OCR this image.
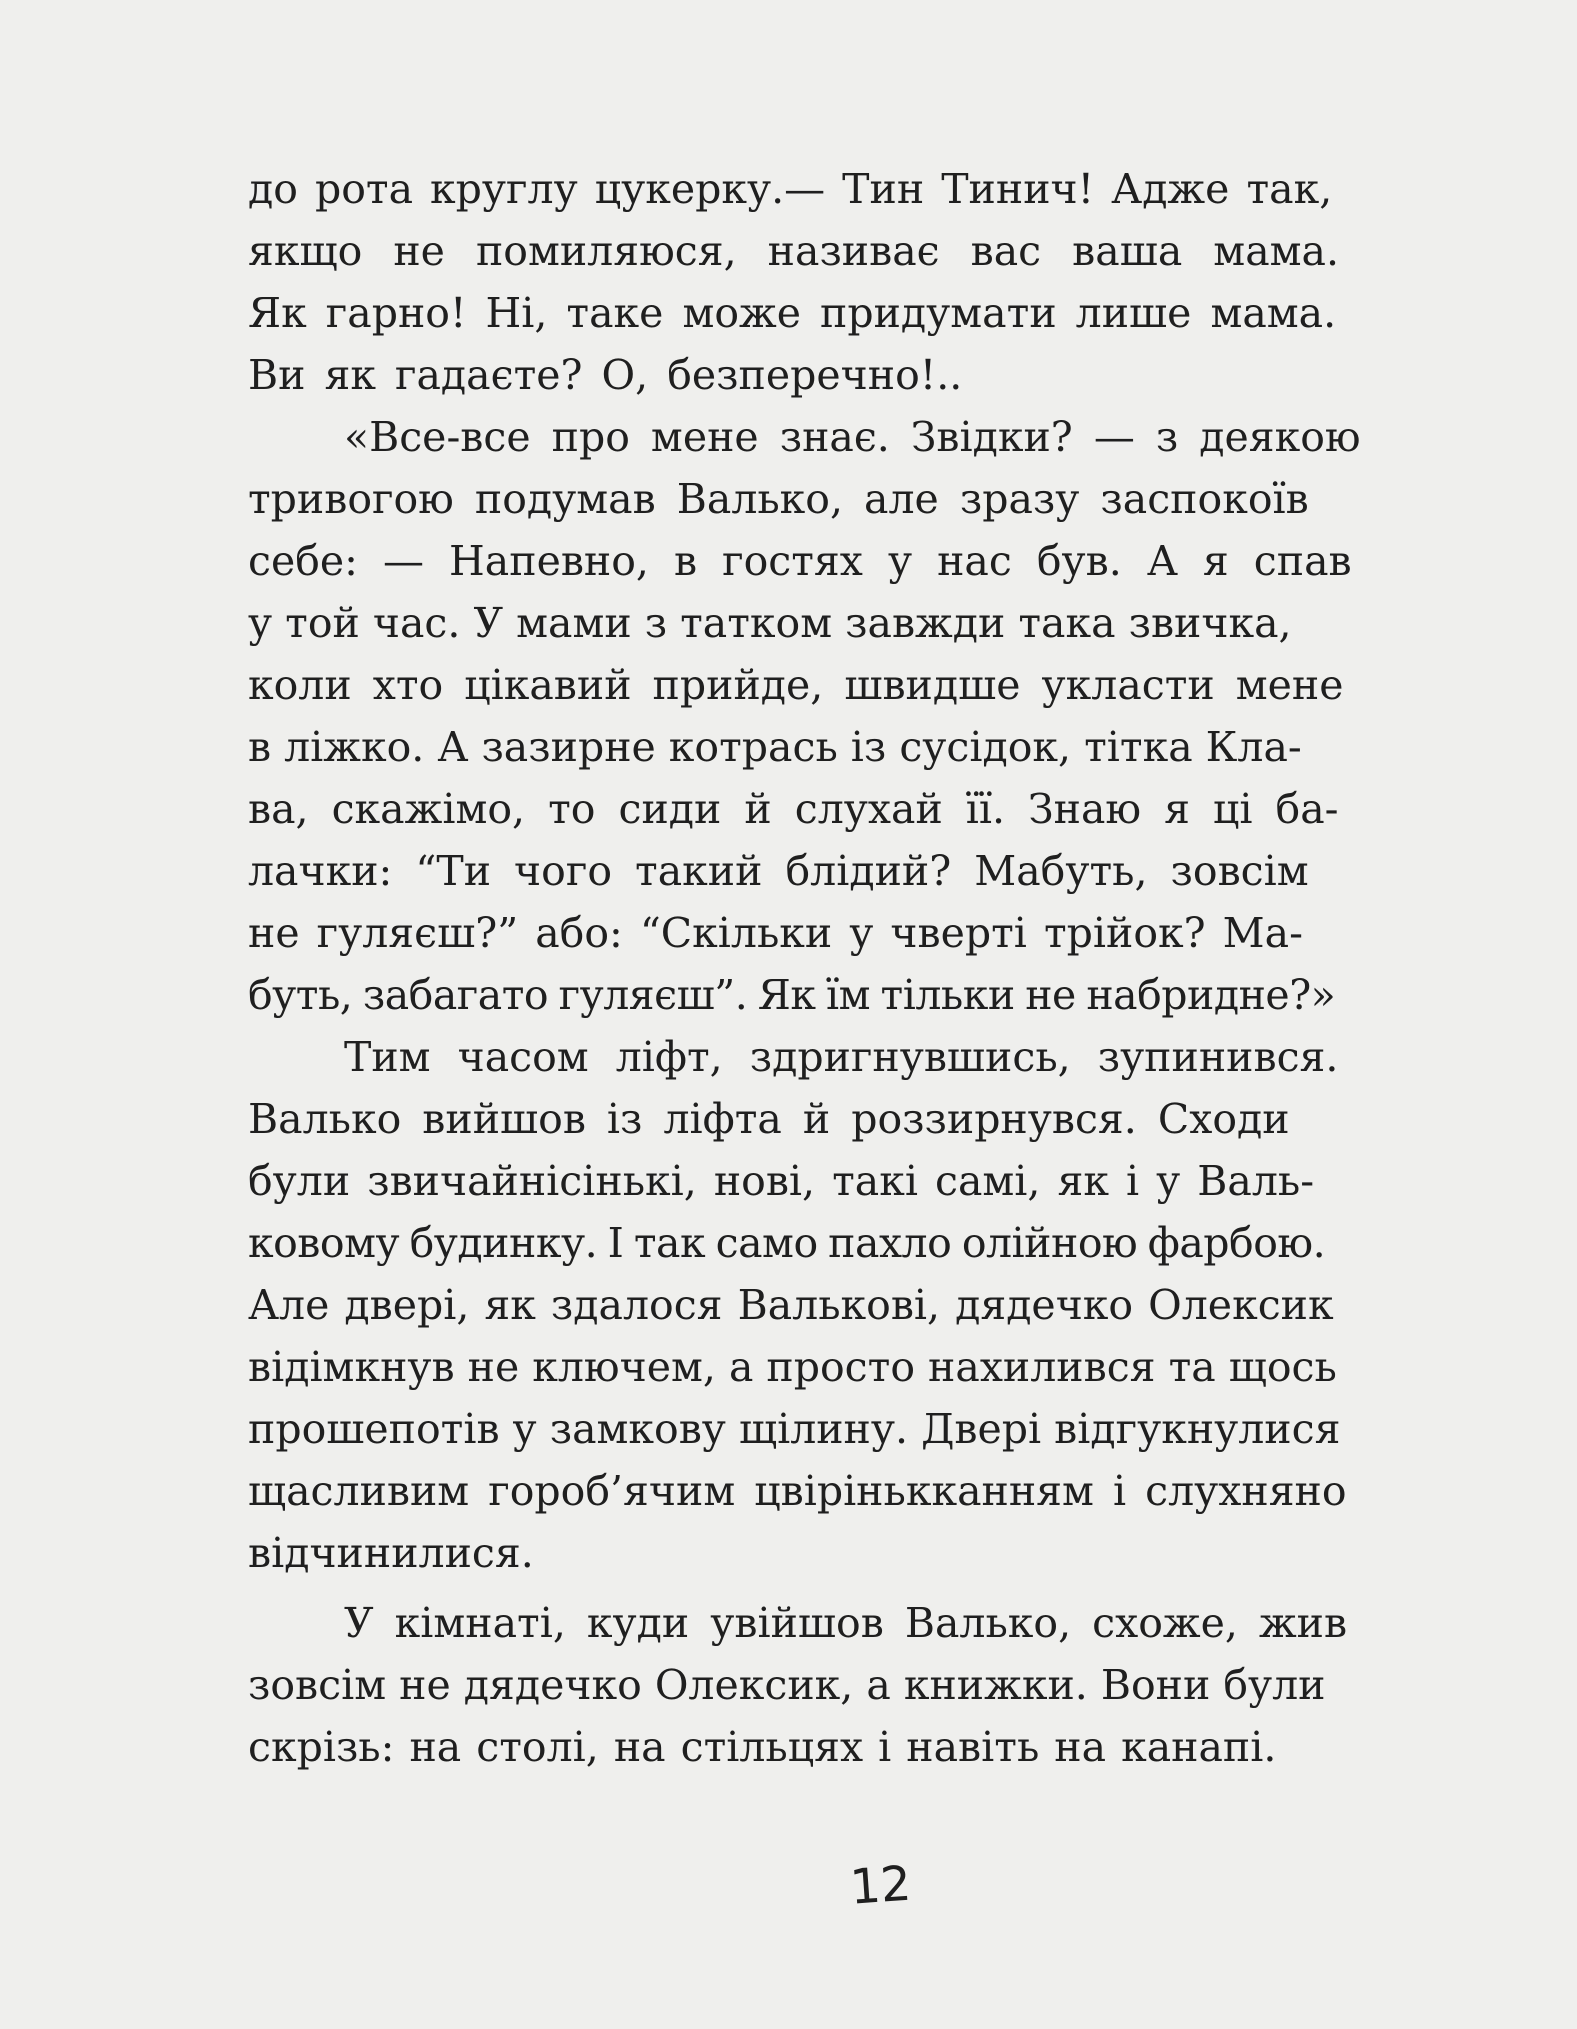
до рота круглу цукерку.— Тин Тинич! Адже так,
якщо не помиляюся, називає вас ваша мама.
Як гарно! Ні, таке може придумати лише мама.
Ви як гадаєте? О, безперечно!..
«Все-все про мене знає. Звідки? — з деякою
тривогою подумав Валько, але зразу заспокоїв
себе: — Напевно, в гостях у нас був. А я спав
у той час. У мами з татком завжди така звичка,
коли хто цікавий прийде, швидше укласти мене
в ліжко. А зазирне котрась із сусідок, тітка Кла-
ва, скажімо, то сиди й слухай її. Знаю я ці ба-
лачки: “Ти чого такий блідий? Мабуть, зовсім
не гуляєш?” або: “Скільки у чверті трійок? Ма-
буть, забагато гуляєш”. Як їм тільки не набридне?»
Тим часом ліфт, здригнувшись, зупинився.
Валько вийшов із ліфта й роззирнувся. Сходи
були звичайнісінькі, нові, такі самі, як і у Валь-
ковому будинку. І так само пахло олійною фарбою.
Але двері, як здалося Валькові, дядечко Олексик
відімкнув не ключем, а просто нахилився та щось
прошепотів у замкову щілину. Двері відгукнулися
щасливим гороб’ячим цвірінькканням і слухняно
відчинилися.
У кімнаті, куди увійшов Валько, схоже, жив
зовсім не дядечко Олексик, а книжки. Вони були
скрізь: на столі, на стільцях і навіть на канапі.
12
